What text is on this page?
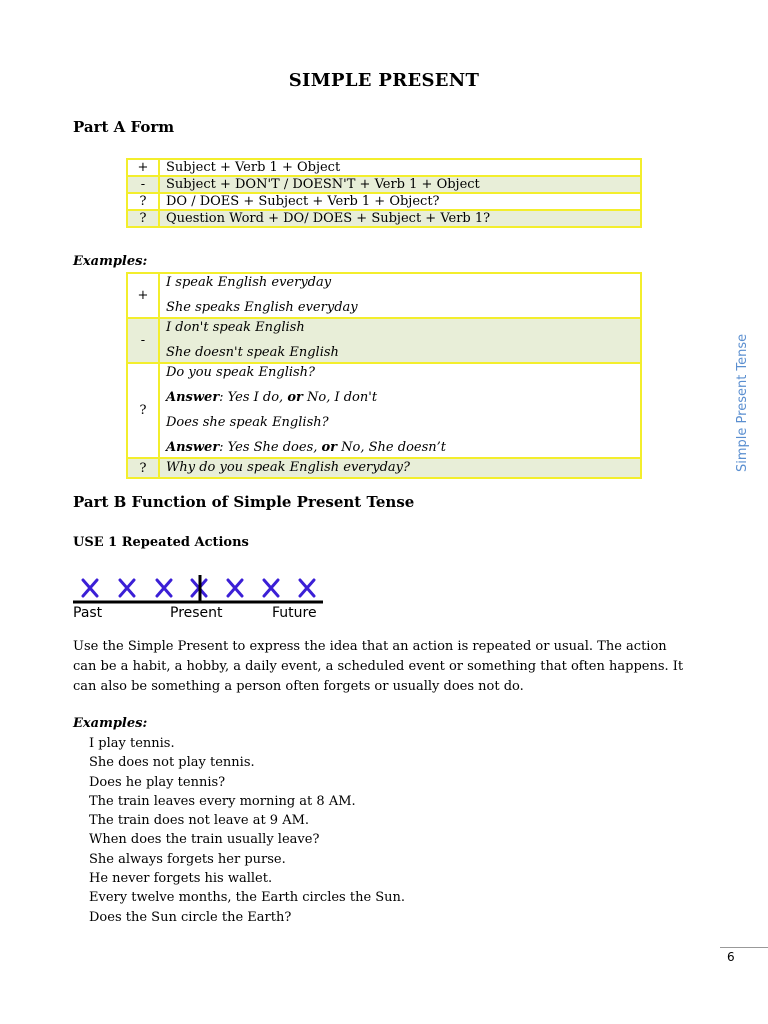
SIMPLE PRESENT
Part A Form
+	Subject + Verb 1 + Object
-	Subject + DON'T / DOESN'T + Verb 1 + Object
?	DO / DOES + Subject + Verb 1 + Object?
?	Question Word + DO/ DOES + Subject + Verb 1?
Examples:
+	I speak English everyday
She speaks English everyday

-	I don't speak English
She doesn't speak English

?	Do you speak English?
Answer: Yes I do, or No, I don't
Does she speak English?
Answer: Yes She does, or No, She doesn’t

?	Why do you speak English everyday?
Part B Function of Simple Present Tense
USE 1 Repeated Actions
Past	Present	Future
Use the Simple Present to express the idea that an action is repeated or usual. The action can be a habit, a hobby, a daily event, a scheduled event or something that often happens. It can also be something a person often forgets or usually does not do.
Examples:
I play tennis.
She does not play tennis.
Does he play tennis?
The train leaves every morning at 8 AM.
The train does not leave at 9 AM.
When does the train usually leave?
She always forgets her purse.
He never forgets his wallet.
Every twelve months, the Earth circles the Sun.
Does the Sun circle the Earth?
Simple Present Tense
6
